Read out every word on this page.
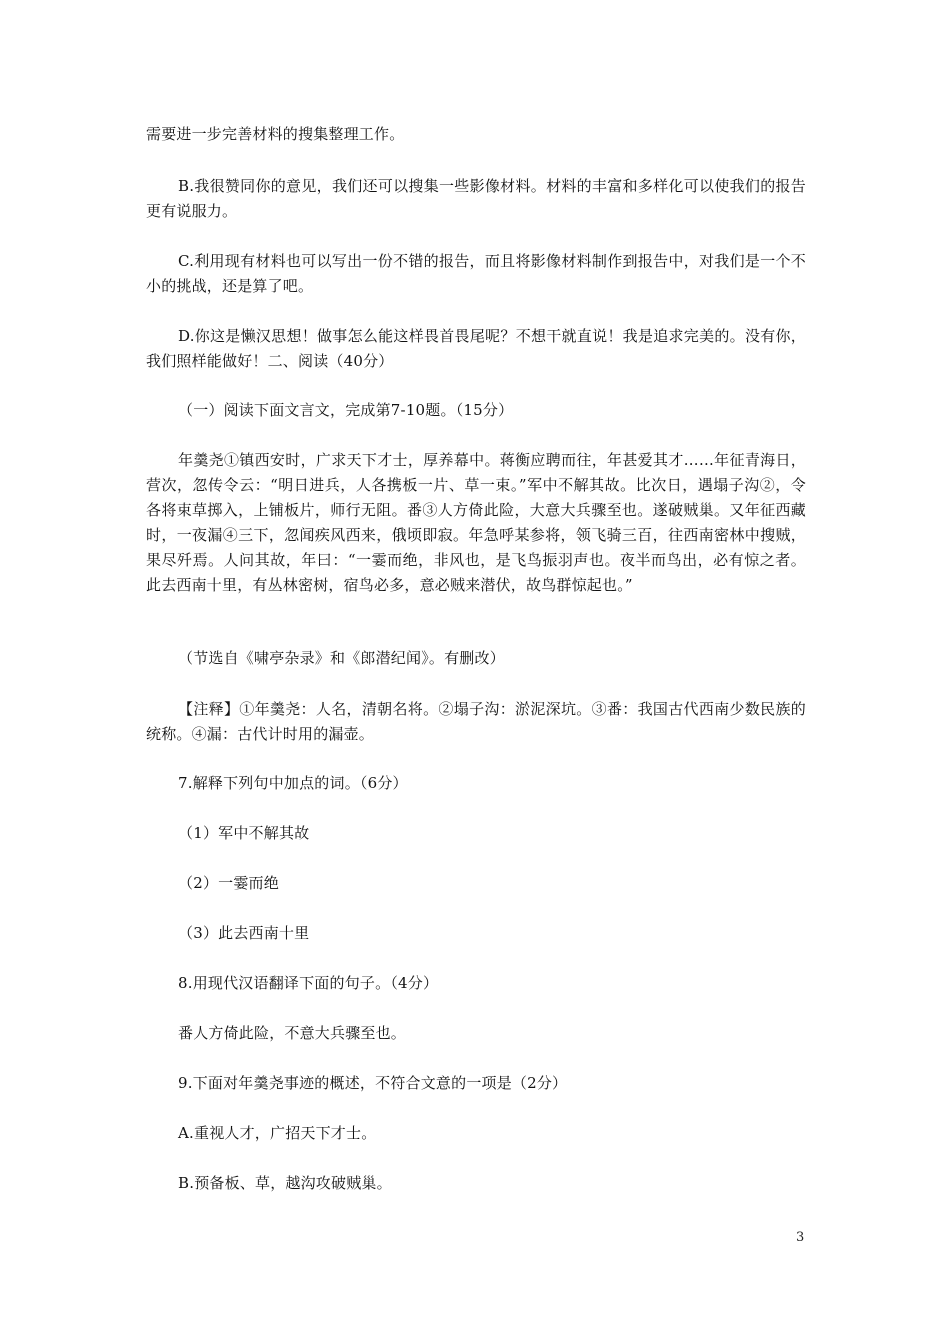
需要进一步完善材料的搜集整理工作。

B.我很赞同你的意见，我们还可以搜集一些影像材料。材料的丰富和多样化可以使我们的报告更有说服力。

C.利用现有材料也可以写出一份不错的报告，而且将影像材料制作到报告中，对我们是一个不小的挑战，还是算了吧。

D.你这是懒汉思想！做事怎么能这样畏首畏尾呢？不想干就直说！我是追求完美的。没有你，我们照样能做好！二、阅读（40分）

（一）阅读下面文言文，完成第7-10题。（15分）

年羹尧①镇西安时，广求天下才士，厚养幕中。蒋衡应聘而往，年甚爱其才……年征青海日，营次，忽传令云：“明日进兵，人各携板一片、草一束。”军中不解其故。比次日，遇塌子沟②，令各将束草掷入，上铺板片，师行无阻。番③人方倚此险，大意大兵骤至也。遂破贼巢。又年征西藏时，一夜漏④三下，忽闻疾风西来，俄顷即寂。年急呼某参将，领飞骑三百，往西南密林中搜贼，果尽歼焉。人问其故，年曰：“一霎而绝，非风也，是飞鸟振羽声也。夜半而鸟出，必有惊之者。此去西南十里，有丛林密树，宿鸟必多，意必贼来潜伏，故鸟群惊起也。”

（节选自《啸亭杂录》和《郎潜纪闻》。有删改）

【注释】①年羹尧：人名，清朝名将。②塌子沟：淤泥深坑。③番：我国古代西南少数民族的统称。④漏：古代计时用的漏壶。

7.解释下列句中加点的词。（6分）

（1）军中不解其故

（2）一霎而绝

（3）此去西南十里

8.用现代汉语翻译下面的句子。（4分）

番人方倚此险，不意大兵骤至也。

9.下面对年羹尧事迹的概述，不符合文意的一项是（2分）

A.重视人才，广招天下才士。

B.预备板、草，越沟攻破贼巢。

3
